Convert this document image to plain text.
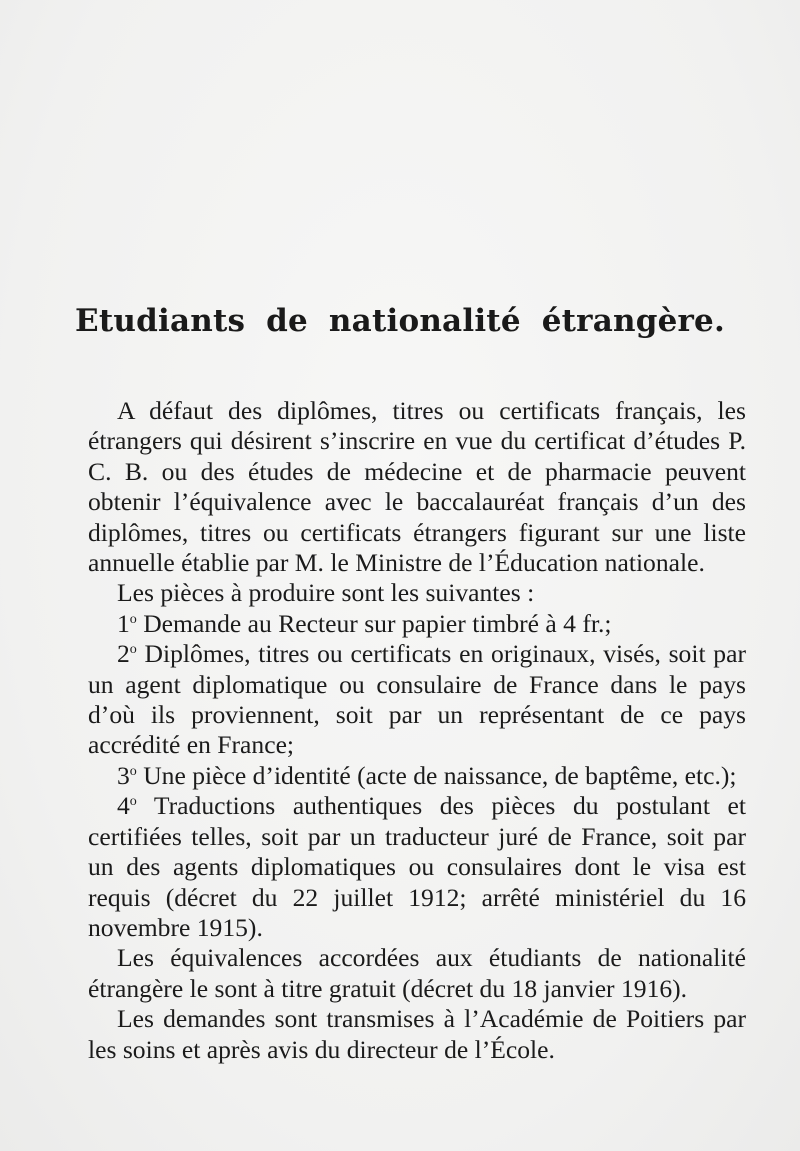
Etudiants de nationalité étrangère.

A défaut des diplômes, titres ou certificats français, les étrangers qui désirent s’inscrire en vue du certificat d’études P. C. B. ou des études de médecine et de pharmacie peuvent obtenir l’équivalence avec le baccalauréat français d’un des diplômes, titres ou certificats étrangers figurant sur une liste annuelle établie par M. le Ministre de l’Éducation nationale.

Les pièces à produire sont les suivantes :

1$^o$ Demande au Recteur sur papier timbré à 4 fr.;

2$^o$ Diplômes, titres ou certificats en originaux, visés, soit par un agent diplomatique ou consulaire de France dans le pays d’où ils proviennent, soit par un représentant de ce pays accrédité en France;

3$^o$ Une pièce d’identité (acte de naissance, de baptême, etc.);

4$^o$ Traductions authentiques des pièces du postulant et certifiées telles, soit par un traducteur juré de France, soit par un des agents diplomatiques ou consulaires dont le visa est requis (décret du 22 juillet 1912; arrêté ministériel du 16 novembre 1915).

Les équivalences accordées aux étudiants de nationalité étrangère le sont à titre gratuit (décret du 18 janvier 1916).

Les demandes sont transmises à l’Académie de Poitiers par les soins et après avis du directeur de l’École.
